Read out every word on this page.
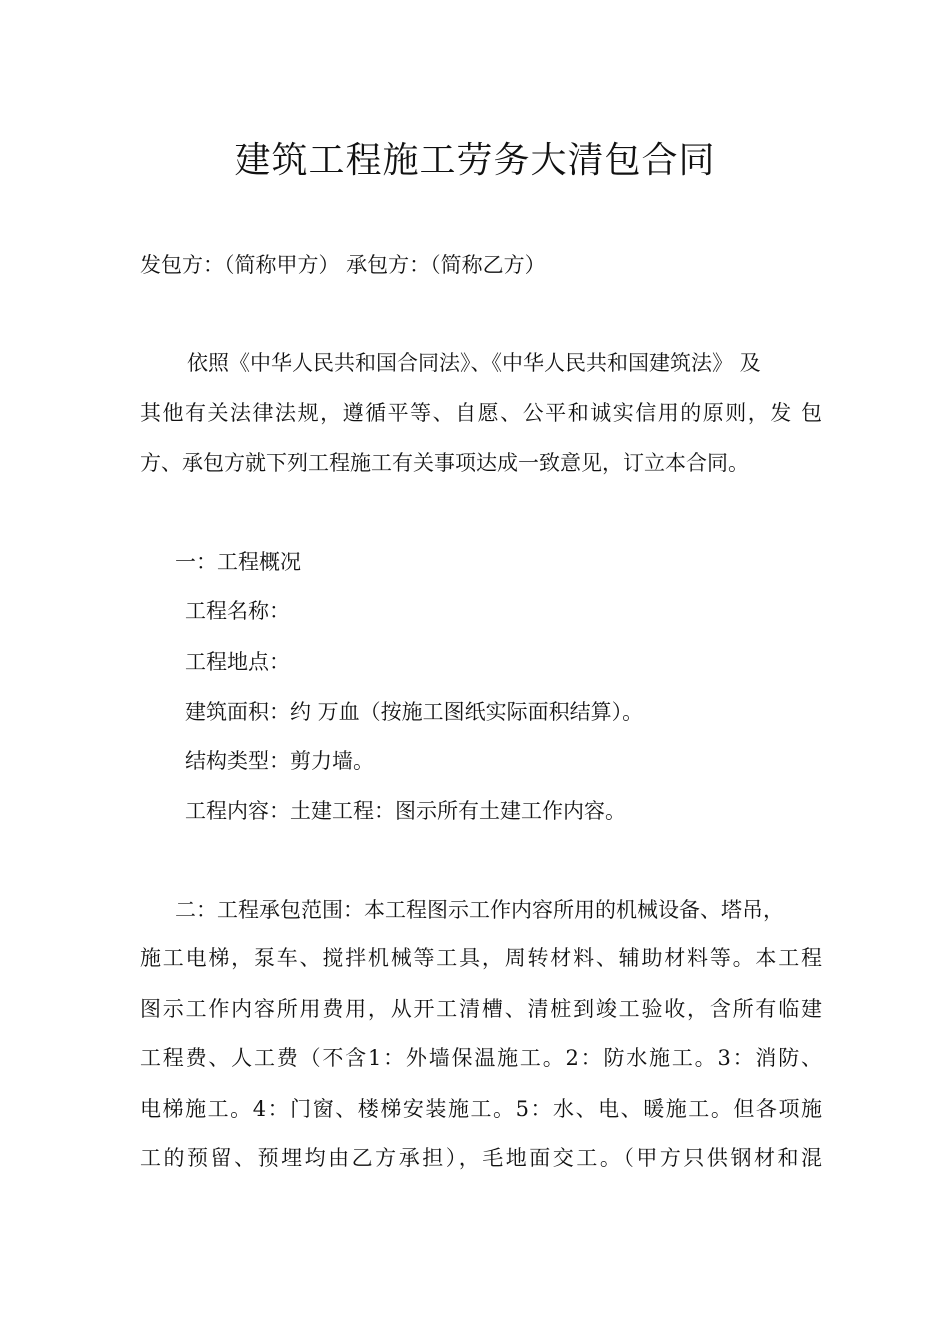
建筑工程施工劳务大清包合同
发包方：（简称甲方） 承包方：（简称乙方）
依照《中华人民共和国合同法》、《中华人民共和国建筑法》 及
其他有关法律法规，遵循平等、自愿、公平和诚实信用的原则，发 包
方、承包方就下列工程施工有关事项达成一致意见，订立本合同。
一：工程概况
工程名称：
工程地点：
建筑面积：约 万血（按施工图纸实际面积结算）。
结构类型：剪力墙。
工程内容：土建工程：图示所有土建工作内容。
二：工程承包范围：本工程图示工作内容所用的机械设备、塔吊，
施工电梯，泵车、搅拌机械等工具，周转材料、辅助材料等。本工程
图示工作内容所用费用，从开工清槽、清桩到竣工验收，含所有临建
工程费、人工费（不含1：外墙保温施工。2：防水施工。3：消防、
电梯施工。4：门窗、楼梯安装施工。5：水、电、暖施工。但各项施
工的预留、预埋均由乙方承担），毛地面交工。（甲方只供钢材和混
